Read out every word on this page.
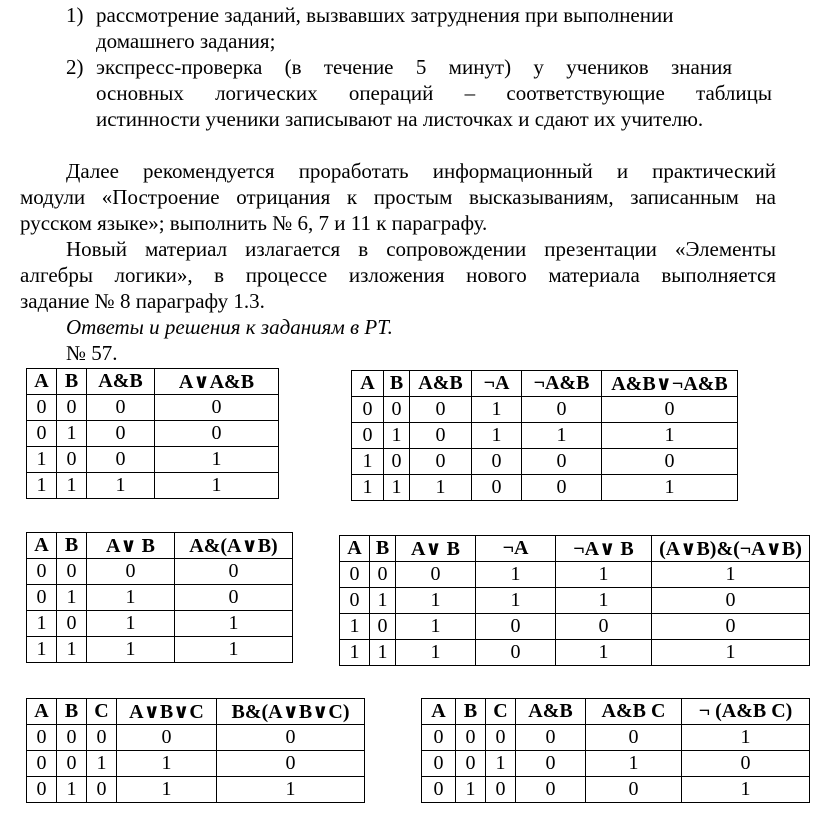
1) рассмотрение заданий, вызвавших затруднения при выполнении
домашнего задания;
2) экспресс-проверка (в течение 5 минут) у учеников знания
основных логических операций – соответствующие таблицы
истинности ученики записывают на листочках и сдают их учителю.
Далее рекомендуется проработать информационный и практический
модули «Построение отрицания к простым высказываниям, записанным на
русском языке»; выполнить № 6, 7 и 11 к параграфу.
Новый материал излагается в сопровождении презентации «Элементы
алгебры логики», в процессе изложения нового материала выполняется
задание № 8 параграфу 1.3.
Ответы и решения к заданиям в РТ.
№ 57.
A	B	A&B	A∨A&B
0	0	0	0
0	1	0	0
1	0	0	1
1	1	1	1
A	B	A&B	¬A	¬A&B	A&B∨¬A&B
0	0	0	1	0	0
0	1	0	1	1	1
1	0	0	0	0	0
1	1	1	0	0	1
A	B	A∨ B	A&(A∨B)
0	0	0	0
0	1	1	0
1	0	1	1
1	1	1	1
A	B	A∨ B	¬A	¬A∨ B	(A∨B)&(¬A∨B)
0	0	0	1	1	1
0	1	1	1	1	0
1	0	1	0	0	0
1	1	1	0	1	1
A	B	C	A∨B∨C	B&(A∨B∨C)
0	0	0	0	0
0	0	1	1	0
0	1	0	1	1
A	B	C	A&B	A&B C	¬ (A&B C)
0	0	0	0	0	1
0	0	1	0	1	0
0	1	0	0	0	1
